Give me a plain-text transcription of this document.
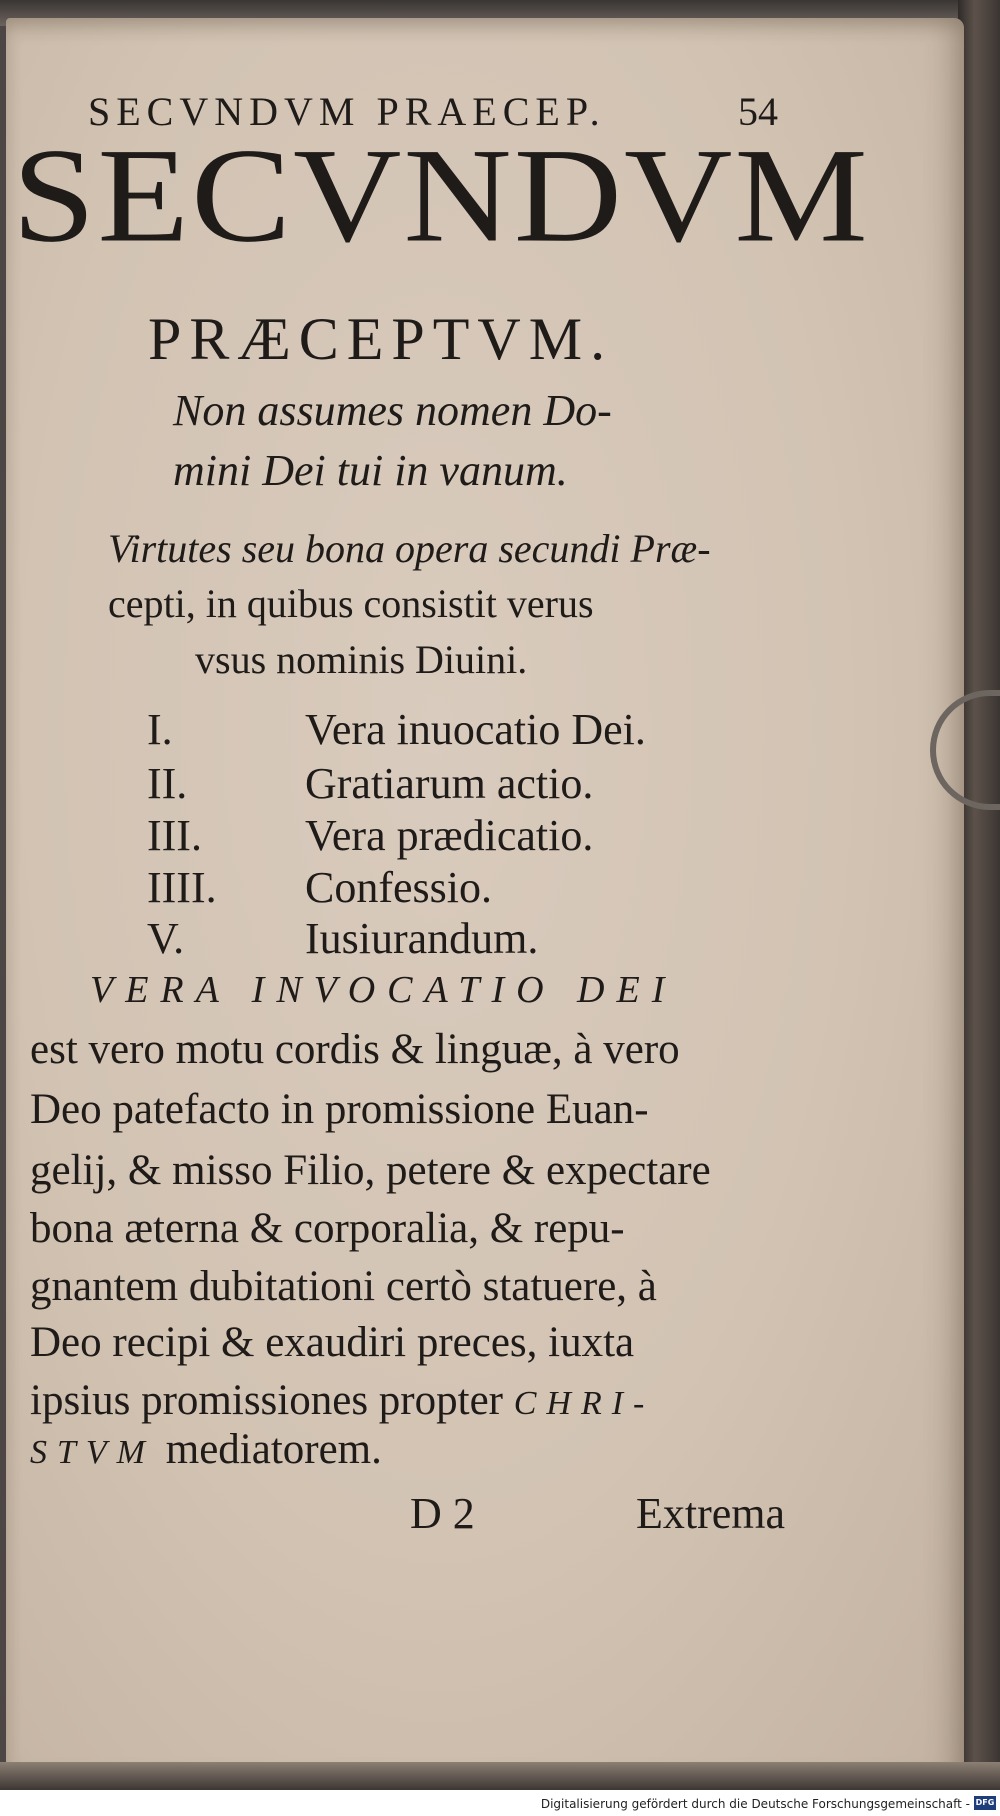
SECVNDVM PRAECEP.	54
SECVNDVM
PRÆCEPTVM.
Non assumes nomen Do-
mini Dei tui in vanum.
Virtutes seu bona opera secundi Præ-
cepti, in quibus consistit verus
vsus nominis Diuini.
I.	Vera inuocatio Dei.
II.	Gratiarum actio.
III. Vera prædicatio.
IIII. Confessio.
V.	Iusiurandum.
VERA INVOCATIO DEI
est vero motu cordis & linguæ, à vero
Deo patefacto in promissione Euan-
gelij, & misso Filio, petere & expectare
bona æterna & corporalia, & repu-
gnantem dubitationi certò statuere, à
Deo recipi & exaudiri preces, iuxta
ipsius promissiones propter CHRI-
STVM mediatorem.
D 2	Extrema
Digitalisierung gefördert durch die Deutsche Forschungsgemeinschaft - DFG
